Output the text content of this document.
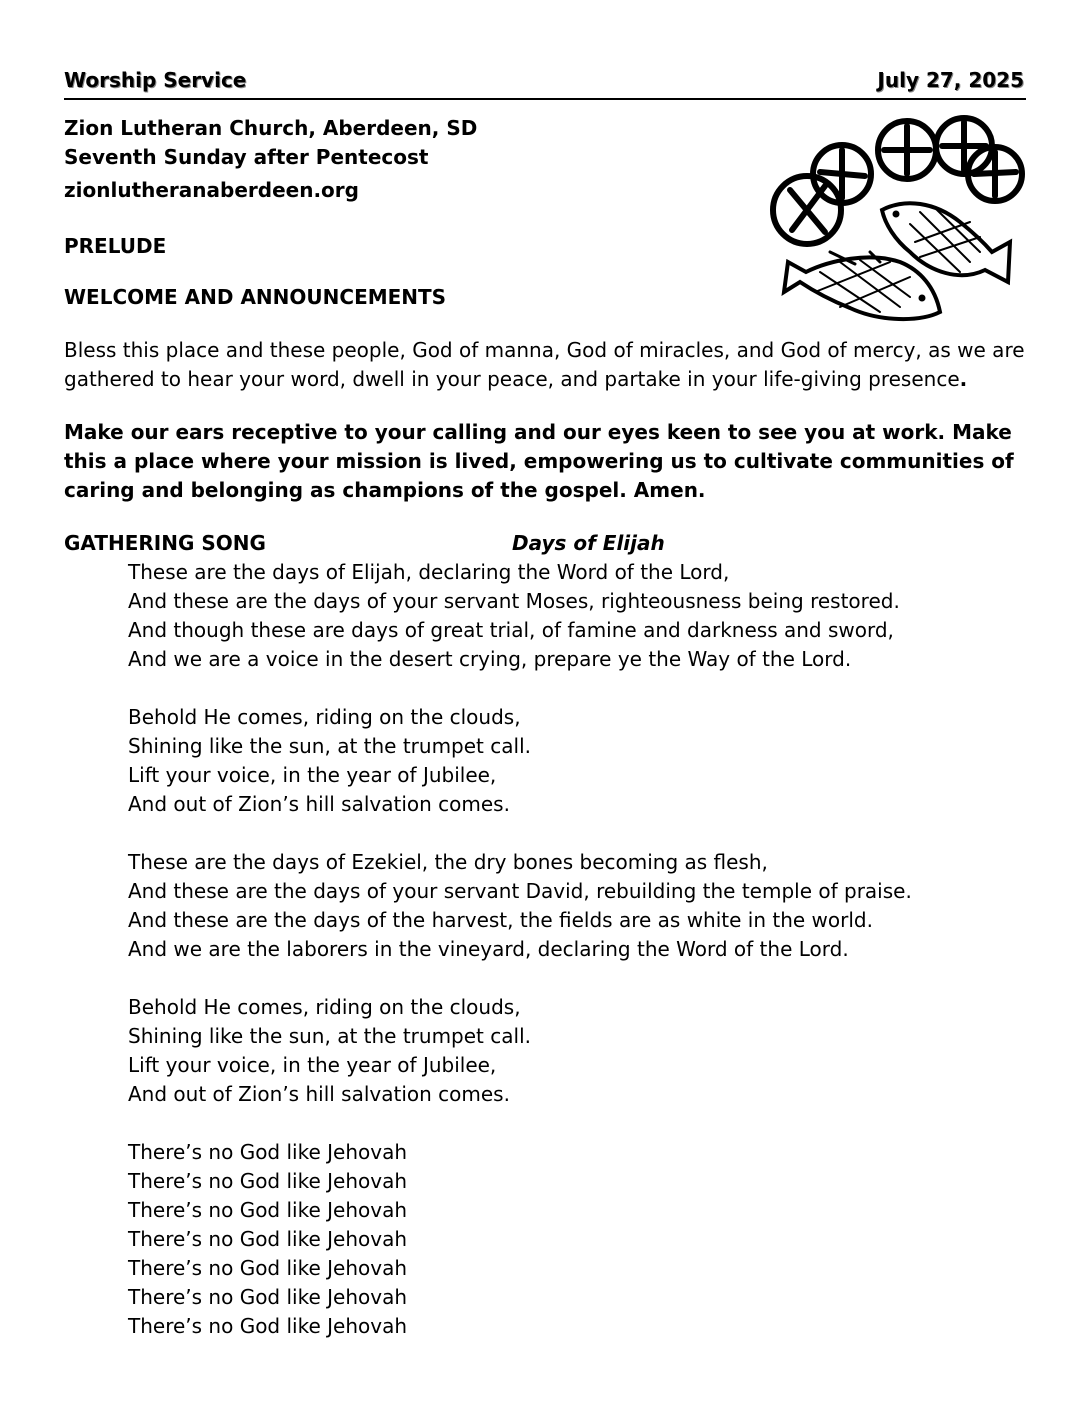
Worship Service	July 27, 2025
Zion Lutheran Church, Aberdeen, SD
Seventh Sunday after Pentecost
zionlutheranaberdeen.org
PRELUDE
WELCOME AND ANNOUNCEMENTS
Bless this place and these people, God of manna, God of miracles, and God of mercy, as we are gathered to hear your word, dwell in your peace, and partake in your life-giving presence.
Make our ears receptive to your calling and our eyes keen to see you at work. Make this a place where your mission is lived, empowering us to cultivate communities of caring and belonging as champions of the gospel. Amen.
GATHERING SONG	Days of Elijah
These are the days of Elijah, declaring the Word of the Lord,
And these are the days of your servant Moses, righteousness being restored.
And though these are days of great trial, of famine and darkness and sword,
And we are a voice in the desert crying, prepare ye the Way of the Lord.
Behold He comes, riding on the clouds,
Shining like the sun, at the trumpet call.
Lift your voice, in the year of Jubilee,
And out of Zion’s hill salvation comes.
These are the days of Ezekiel, the dry bones becoming as flesh,
And these are the days of your servant David, rebuilding the temple of praise.
And these are the days of the harvest, the fields are as white in the world.
And we are the laborers in the vineyard, declaring the Word of the Lord.
Behold He comes, riding on the clouds,
Shining like the sun, at the trumpet call.
Lift your voice, in the year of Jubilee,
And out of Zion’s hill salvation comes.
There’s no God like Jehovah
There’s no God like Jehovah
There’s no God like Jehovah
There’s no God like Jehovah
There’s no God like Jehovah
There’s no God like Jehovah
There’s no God like Jehovah
